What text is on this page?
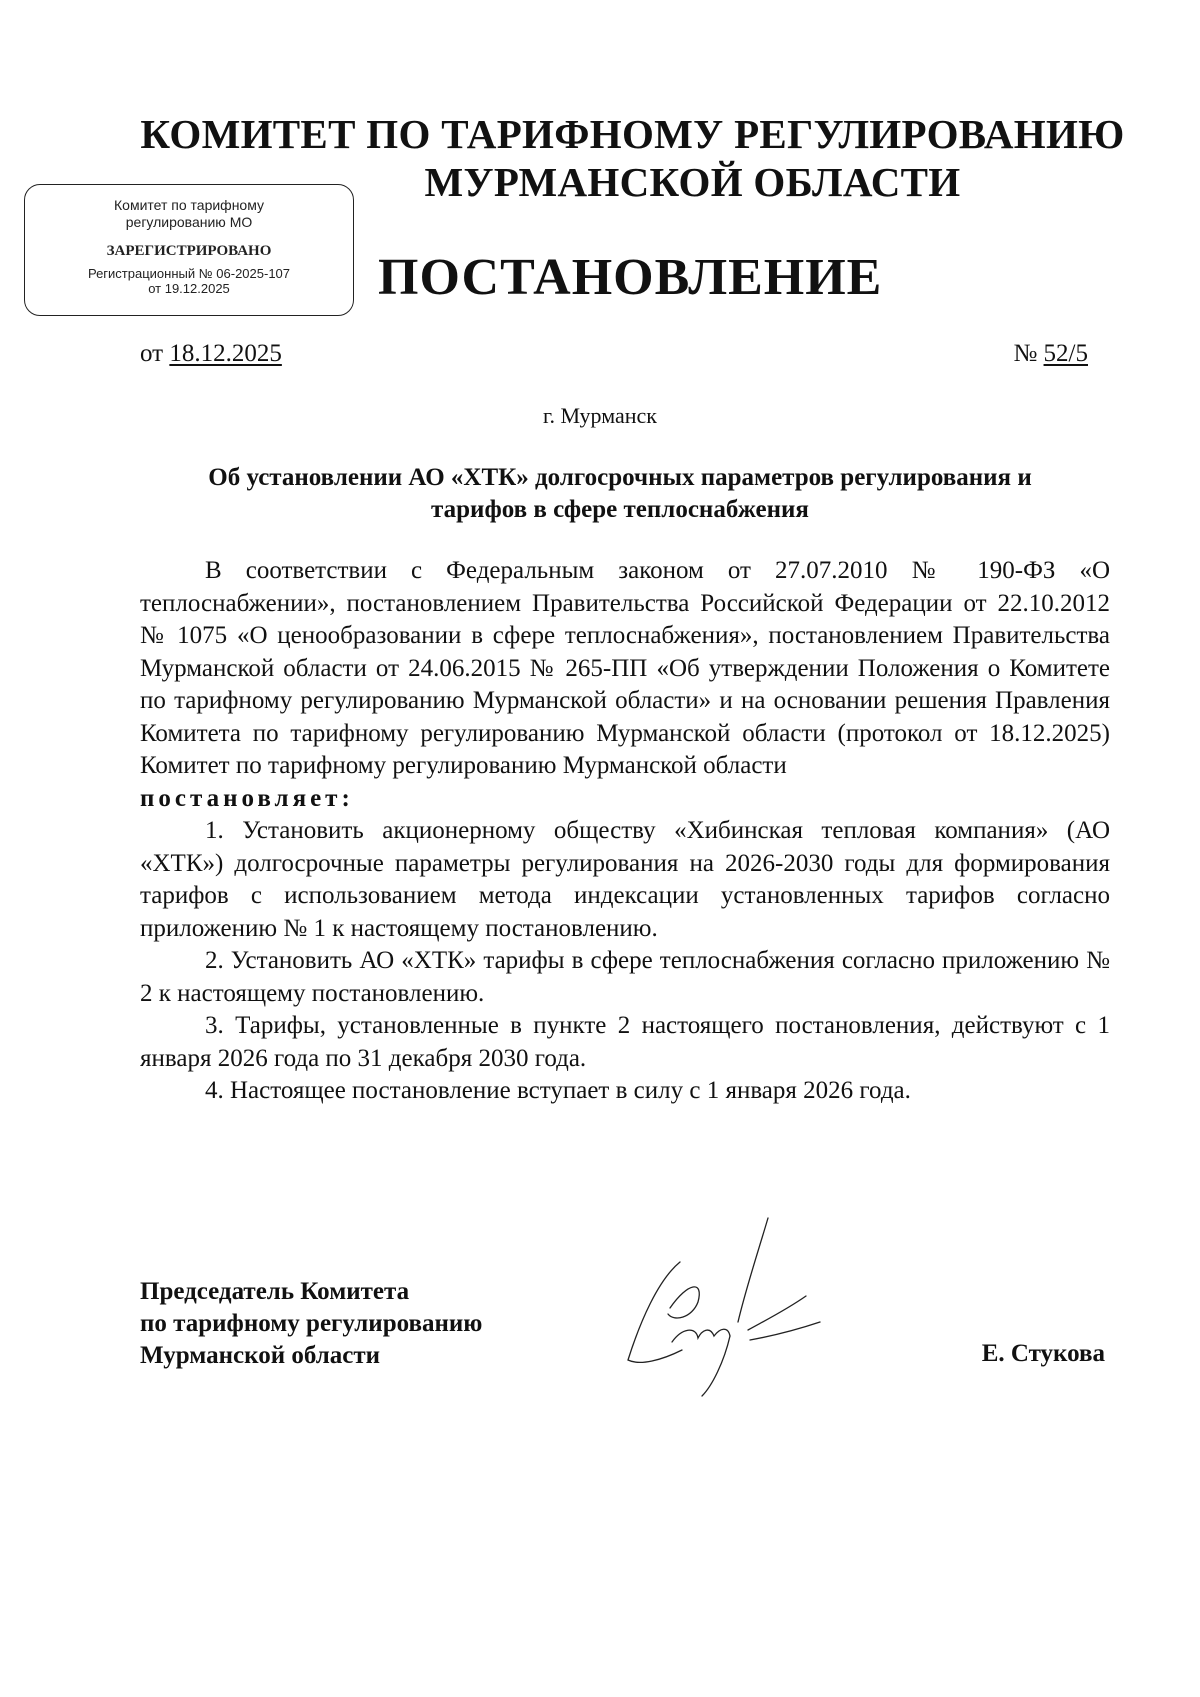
КОМИТЕТ ПО ТАРИФНОМУ РЕГУЛИРОВАНИЮ
МУРМАНСКОЙ ОБЛАСТИ
Комитет по тарифному
регулированию МО
ЗАРЕГИСТРИРОВАНО
Регистрационный № 06-2025-107
от 19.12.2025	ПОСТАНОВЛЕНИЕ
от 18.12.2025	№ 52/5
г. Мурманск
Об установлении АО «ХТК» долгосрочных параметров регулирования и
тарифов в сфере теплоснабжения

В соответствии с Федеральным законом от 27.07.2010 № 190-ФЗ «О теплоснабжении», постановлением Правительства Российской Федерации от 22.10.2012 № 1075 «О ценообразовании в сфере теплоснабжения», постановлением Правительства Мурманской области от 24.06.2015 № 265-ПП «Об утверждении Положения о Комитете по тарифному регулированию Мурманской области» и на основании решения Правления Комитета по тарифному регулированию Мурманской области (протокол от 18.12.2025) Комитет по тарифному регулированию Мурманской области

постановляет:

1. Установить акционерному обществу «Хибинская тепловая компания» (АО «ХТК») долгосрочные параметры регулирования на 2026-2030 годы для формирования тарифов с использованием метода индексации установленных тарифов согласно приложению № 1 к настоящему постановлению.

2. Установить АО «ХТК» тарифы в сфере теплоснабжения согласно приложению № 2 к настоящему постановлению.

3. Тарифы, установленные в пункте 2 настоящего постановления, действуют с 1 января 2026 года по 31 декабря 2030 года.

4. Настоящее постановление вступает в силу с 1 января 2026 года.

Председатель Комитета
по тарифному регулированию
Мурманской области	Е. Стукова
